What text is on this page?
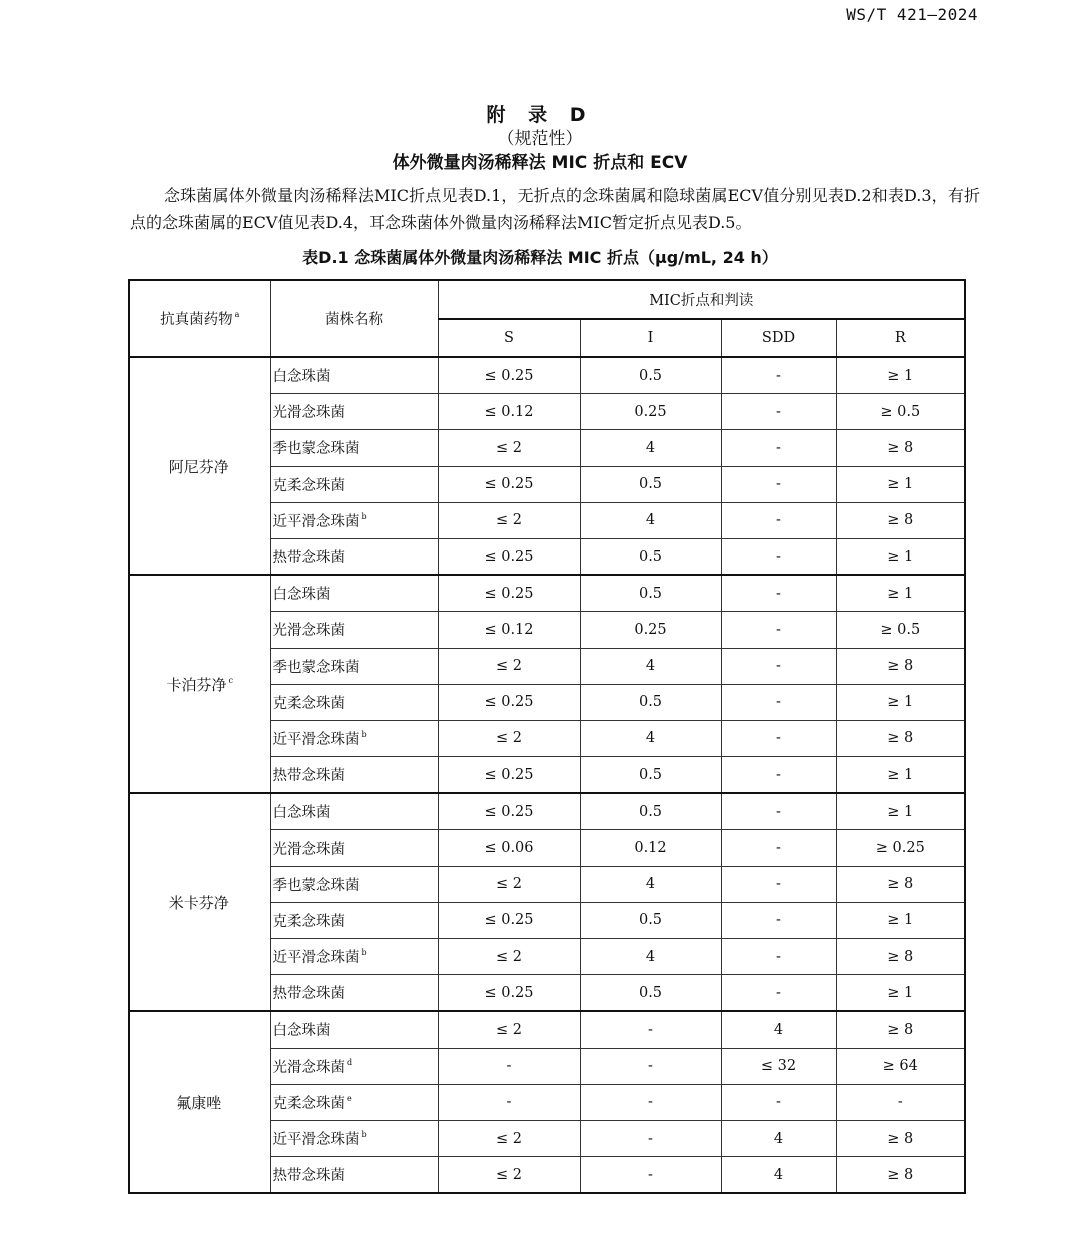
WS/T 421—2024
附 录 D
（规范性）
体外微量肉汤稀释法 MIC 折点和 ECV
念珠菌属体外微量肉汤稀释法MIC折点见表D.1，无折点的念珠菌属和隐球菌属ECV值分别见表D.2和表D.3，有折点的念珠菌属的ECV值见表D.4，耳念珠菌体外微量肉汤稀释法MIC暂定折点见表D.5。
表D.1 念珠菌属体外微量肉汤稀释法 MIC 折点（μg/mL, 24 h）
抗真菌药物 $^a$	菌株名称	MIC折点和判读			
		S	I	SDD	R
阿尼芬净	白念珠菌	≤ 0.25	0.5	-	≥ 1
	光滑念珠菌	≤ 0.12	0.25	-	≥ 0.5
	季也蒙念珠菌	≤ 2	4	-	≥ 8
	克柔念珠菌	≤ 0.25	0.5	-	≥ 1
	近平滑念珠菌 $^b$	≤ 2	4	-	≥ 8
	热带念珠菌	≤ 0.25	0.5	-	≥ 1
卡泊芬净 $^c$	白念珠菌	≤ 0.25	0.5	-	≥ 1
	光滑念珠菌	≤ 0.12	0.25	-	≥ 0.5
	季也蒙念珠菌	≤ 2	4	-	≥ 8
	克柔念珠菌	≤ 0.25	0.5	-	≥ 1
	近平滑念珠菌 $^b$	≤ 2	4	-	≥ 8
	热带念珠菌	≤ 0.25	0.5	-	≥ 1
米卡芬净	白念珠菌	≤ 0.25	0.5	-	≥ 1
	光滑念珠菌	≤ 0.06	0.12	-	≥ 0.25
	季也蒙念珠菌	≤ 2	4	-	≥ 8
	克柔念珠菌	≤ 0.25	0.5	-	≥ 1
	近平滑念珠菌 $^b$	≤ 2	4	-	≥ 8
	热带念珠菌	≤ 0.25	0.5	-	≥ 1
氟康唑	白念珠菌	≤ 2	-	4	≥ 8
	光滑念珠菌 $^d$	-	-	≤ 32	≥ 64
	克柔念珠菌 $^e$	-	-	-	-
	近平滑念珠菌 $^b$	≤ 2	-	4	≥ 8
	热带念珠菌	≤ 2	-	4	≥ 8
